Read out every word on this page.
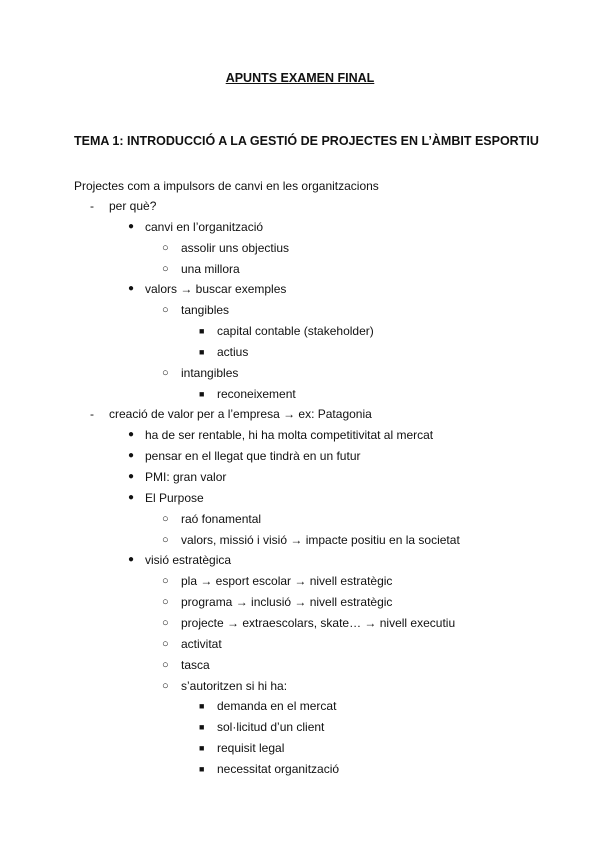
APUNTS EXAMEN FINAL
TEMA 1: INTRODUCCIÓ A LA GESTIÓ DE PROJECTES EN L’ÀMBIT ESPORTIU
Projectes com a impulsors de canvi en les organitzacions
- per què?
● canvi en l’organització
○ assolir uns objectius
○ una millora
● valors → buscar exemples
○ tangibles
■ capital contable (stakeholder)
■ actius
○ intangibles
■ reconeixement
- creació de valor per a l’empresa → ex: Patagonia
● ha de ser rentable, hi ha molta competitivitat al mercat
● pensar en el llegat que tindrà en un futur
● PMI: gran valor
● El Purpose
○ raó fonamental
○ valors, missió i visió → impacte positiu en la societat
● visió estratègica
○ pla → esport escolar → nivell estratègic
○ programa → inclusió → nivell estratègic
○ projecte → extraescolars, skate… → nivell executiu
○ activitat
○ tasca
○ s’autoritzen si hi ha:
■ demanda en el mercat
■ sol·licitud d’un client
■ requisit legal
■ necessitat organització
